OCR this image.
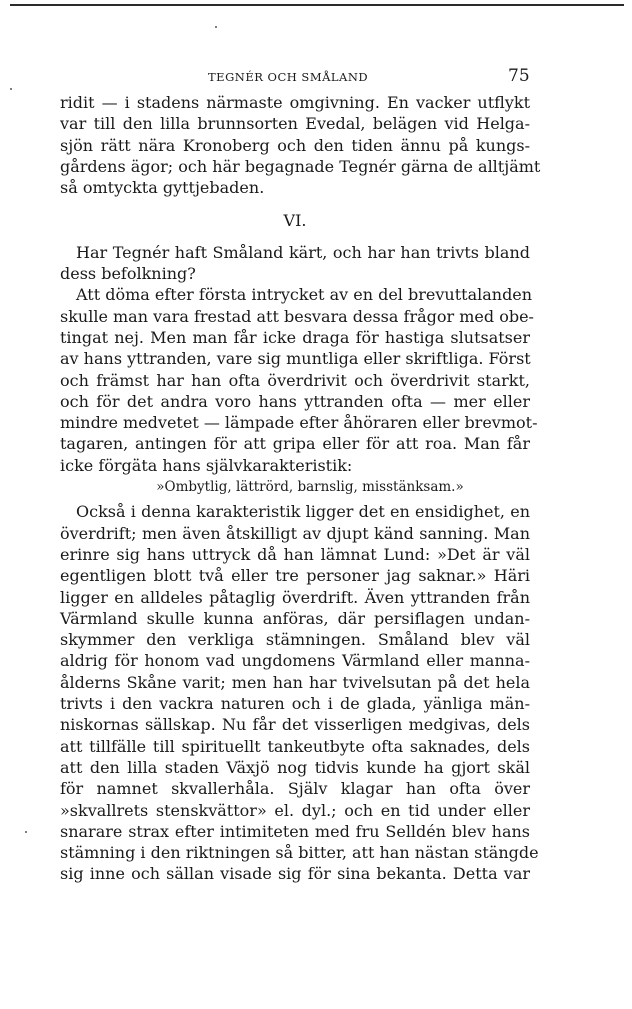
TEGNÉR OCH SMÅLAND	75
ridit — i stadens närmaste omgivning. En vacker utflykt
var till den lilla brunnsorten Evedal, belägen vid Helga-
sjön rätt nära Kronoberg och den tiden ännu på kungs-
gårdens ägor; och här begagnade Tegnér gärna de alltjämt
så omtyckta gyttjebaden.
VI.
Har Tegnér haft Småland kärt, och har han trivts bland
dess befolkning?
Att döma efter första intrycket av en del brevuttalanden
skulle man vara frestad att besvara dessa frågor med obe-
tingat nej. Men man får icke draga för hastiga slutsatser
av hans yttranden, vare sig muntliga eller skriftliga. Först
och främst har han ofta överdrivit och överdrivit starkt,
och för det andra voro hans yttranden ofta — mer eller
mindre medvetet — lämpade efter åhöraren eller brevmot-
tagaren, antingen för att gripa eller för att roa. Man får
icke förgäta hans självkarakteristik:
»Ombytlig, lättrörd, barnslig, misstänksam.»
Också i denna karakteristik ligger det en ensidighet, en
överdrift; men även åtskilligt av djupt känd sanning. Man
erinre sig hans uttryck då han lämnat Lund: »Det är väl
egentligen blott två eller tre personer jag saknar.» Häri
ligger en alldeles påtaglig överdrift. Även yttranden från
Värmland skulle kunna anföras, där persiflagen undan-
skymmer den verkliga stämningen. Småland blev väl
aldrig för honom vad ungdomens Värmland eller manna-
ålderns Skåne varit; men han har tvivelsutan på det hela
trivts i den vackra naturen och i de glada, yänliga män-
niskornas sällskap. Nu får det visserligen medgivas, dels
att tillfälle till spirituellt tankeutbyte ofta saknades, dels
att den lilla staden Växjö nog tidvis kunde ha gjort skäl
för namnet skvallerhåla. Själv klagar han ofta över
»skvallrets stenskvättor» el. dyl.; och en tid under eller
snarare strax efter intimiteten med fru Selldén blev hans
stämning i den riktningen så bitter, att han nästan stängde
sig inne och sällan visade sig för sina bekanta. Detta var
